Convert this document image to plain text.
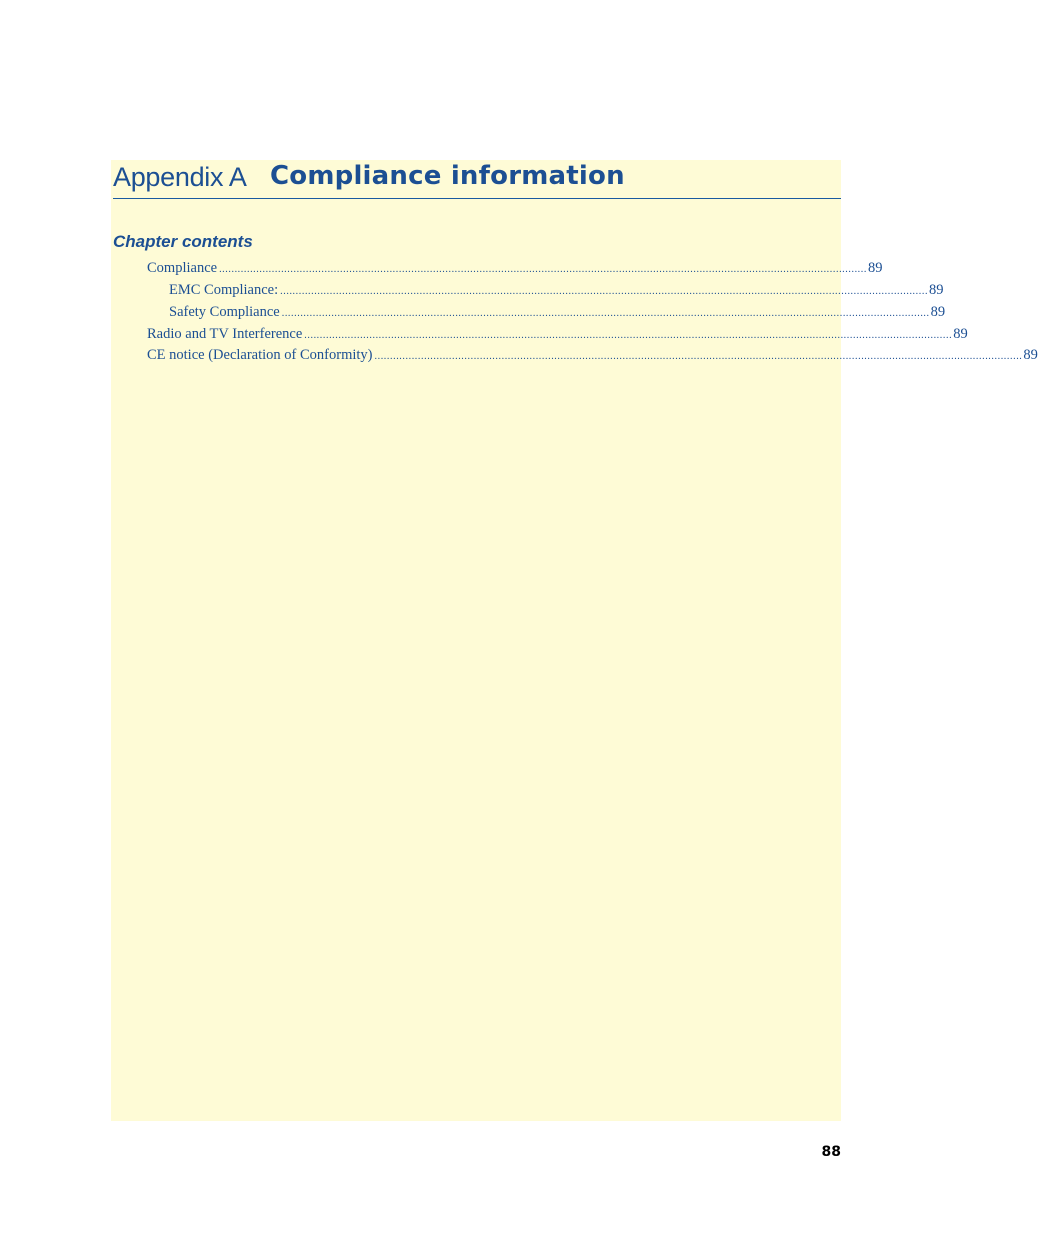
Appendix A Compliance information
Chapter contents
Compliance ................................................................................................................................................................................................................. 89
EMC Compliance: ................................................................................................................................................................................................................. 89
Safety Compliance ................................................................................................................................................................................................................. 89
Radio and TV Interference ................................................................................................................................................................................................................. 89
CE notice (Declaration of Conformity) ................................................................................................................................................................................................................. 89
88
